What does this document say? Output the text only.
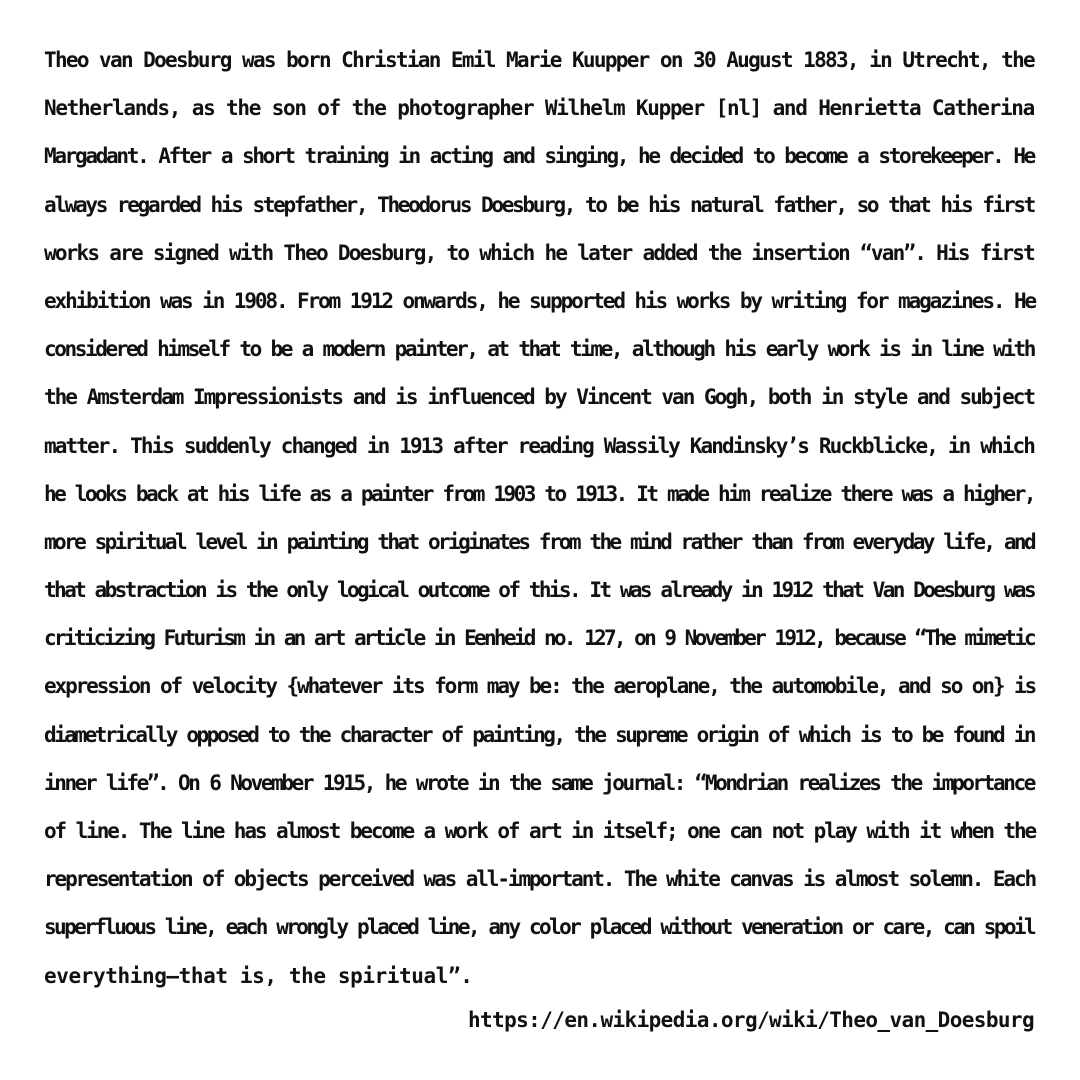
Theo van Doesburg was born Christian Emil Marie Kuupper on 30 August 1883, in Utrecht, the
Netherlands, as the son of the photographer Wilhelm Kupper [nl] and Henrietta Catherina
Margadant. After a short training in acting and singing, he decided to become a storekeeper. He
always regarded his stepfather, Theodorus Doesburg, to be his natural father, so that his first
works are signed with Theo Doesburg, to which he later added the insertion “van”. His first
exhibition was in 1908. From 1912 onwards, he supported his works by writing for magazines. He
considered himself to be a modern painter, at that time, although his early work is in line with
the Amsterdam Impressionists and is influenced by Vincent van Gogh, both in style and subject
matter. This suddenly changed in 1913 after reading Wassily Kandinsky’s Ruckblicke, in which
he looks back at his life as a painter from 1903 to 1913. It made him realize there was a higher,
more spiritual level in painting that originates from the mind rather than from everyday life, and
that abstraction is the only logical outcome of this. It was already in 1912 that Van Doesburg was
criticizing Futurism in an art article in Eenheid no. 127, on 9 November 1912, because “The mimetic
expression of velocity {whatever its form may be: the aeroplane, the automobile, and so on} is
diametrically opposed to the character of painting, the supreme origin of which is to be found in
inner life”. On 6 November 1915, he wrote in the same journal: “Mondrian realizes the importance
of line. The line has almost become a work of art in itself; one can not play with it when the
representation of objects perceived was all-important. The white canvas is almost solemn. Each
superfluous line, each wrongly placed line, any color placed without veneration or care, can spoil
everything—that is, the spiritual”.
https://en.wikipedia.org/wiki/Theo_van_Doesburg
